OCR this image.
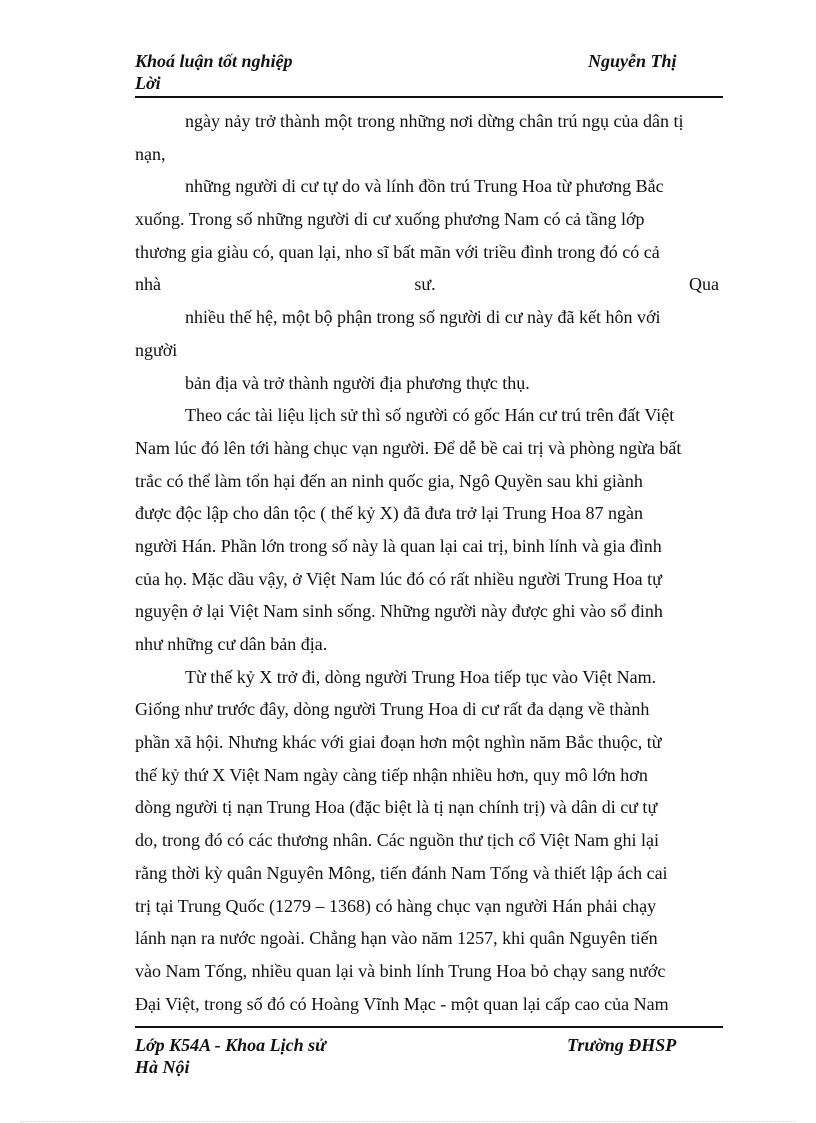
Khoá luận tốt nghiệp	Nguyễn Thị
Lời
ngày nảy trở thành một trong những nơi dừng chân trú ngụ của dân tị
nạn,
những người di cư tự do và lính đồn trú Trung Hoa từ phương Bắc
xuống. Trong số những người di cư xuống phương Nam có cả tầng lớp
thương gia giàu có, quan lại, nho sĩ bất mãn với triều đình trong đó có cả
nhà	sư.	Qua
nhiều thế hệ, một bộ phận trong số người di cư này đã kết hôn với
người
bản địa và trở thành người địa phương thực thụ.
Theo các tài liệu lịch sử thì số người có gốc Hán cư trú trên đất Việt
Nam lúc đó lên tới hàng chục vạn người. Để dễ bề cai trị và phòng ngừa bất
trắc có thể làm tổn hại đến an ninh quốc gia, Ngô Quyền sau khi giành
được độc lập cho dân tộc ( thế kỷ X) đã đưa trở lại Trung Hoa 87 ngàn
người Hán. Phần lớn trong số này là quan lại cai trị, binh lính và gia đình
của họ. Mặc dầu vậy, ở Việt Nam lúc đó có rất nhiều người Trung Hoa tự
nguyện ở lại Việt Nam sinh sống. Những người này được ghi vào sổ đinh
như những cư dân bản địa.
Từ thế kỷ X trở đi, dòng người Trung Hoa tiếp tục vào Việt Nam.
Giống như trước đây, dòng người Trung Hoa di cư rất đa dạng về thành
phần xã hội. Nhưng khác với giai đoạn hơn một nghìn năm Bắc thuộc, từ
thế kỷ thứ X Việt Nam ngày càng tiếp nhận nhiều hơn, quy mô lớn hơn
dòng người tị nạn Trung Hoa (đặc biệt là tị nạn chính trị) và dân di cư tự
do, trong đó có các thương nhân. Các nguồn thư tịch cổ Việt Nam ghi lại
rằng thời kỳ quân Nguyên Mông, tiến đánh Nam Tống và thiết lập ách cai
trị tại Trung Quốc (1279 – 1368) có hàng chục vạn người Hán phải chạy
lánh nạn ra nước ngoài. Chẳng hạn vào năm 1257, khi quân Nguyên tiến
vào Nam Tống, nhiều quan lại và binh lính Trung Hoa bỏ chạy sang nước
Đại Việt, trong số đó có Hoàng Vĩnh Mạc - một quan lại cấp cao của Nam
Lớp K54A - Khoa Lịch sử	Trường ĐHSP
Hà Nội
